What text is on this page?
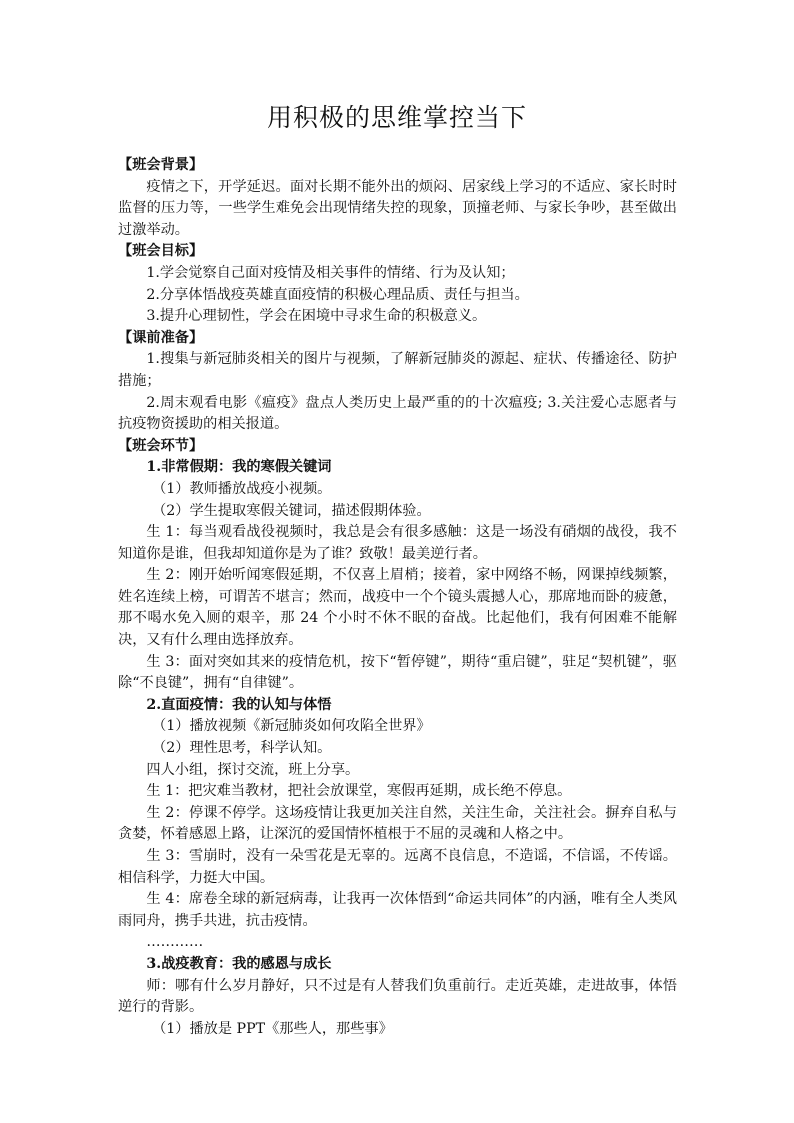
用积极的思维掌控当下

【班会背景】

疫情之下，开学延迟。面对长期不能外出的烦闷、居家线上学习的不适应、家长时时监督的压力等，一些学生难免会出现情绪失控的现象，顶撞老师、与家长争吵，甚至做出过激举动。

【班会目标】

1.学会觉察自己面对疫情及相关事件的情绪、行为及认知；

2.分享体悟战疫英雄直面疫情的积极心理品质、责任与担当。

3.提升心理韧性，学会在困境中寻求生命的积极意义。

【课前准备】

1.搜集与新冠肺炎相关的图片与视频，了解新冠肺炎的源起、症状、传播途径、防护措施；

2.周末观看电影《瘟疫》盘点人类历史上最严重的的十次瘟疫; 3.关注爱心志愿者与抗疫物资援助的相关报道。

【班会环节】

1.非常假期：我的寒假关键词

（1）教师播放战疫小视频。

（2）学生提取寒假关键词，描述假期体验。

生 1：每当观看战役视频时，我总是会有很多感触：这是一场没有硝烟的战役，我不知道你是谁，但我却知道你是为了谁？致敬！最美逆行者。

生 2：刚开始听闻寒假延期，不仅喜上眉梢；接着，家中网络不畅，网课掉线频繁，姓名连续上榜，可谓苦不堪言；然而，战疫中一个个镜头震撼人心，那席地而卧的疲惫，那不喝水免入厕的艰辛，那 24 个小时不休不眠的奋战。比起他们，我有何困难不能解决，又有什么理由选择放弃。

生 3：面对突如其来的疫情危机，按下“暂停键”，期待“重启键”，驻足“契机键”，驱除“不良键”，拥有“自律键”。

2.直面疫情：我的认知与体悟

（1）播放视频《新冠肺炎如何攻陷全世界》

（2）理性思考，科学认知。

四人小组，探讨交流，班上分享。

生 1：把灾难当教材，把社会放课堂，寒假再延期，成长绝不停息。

生 2：停课不停学。这场疫情让我更加关注自然，关注生命，关注社会。摒弃自私与贪婪，怀着感恩上路，让深沉的爱国情怀植根于不屈的灵魂和人格之中。

生 3：雪崩时，没有一朵雪花是无辜的。远离不良信息，不造谣，不信谣，不传谣。相信科学，力挺大中国。

生 4：席卷全球的新冠病毒，让我再一次体悟到“命运共同体”的内涵，唯有全人类风雨同舟，携手共进，抗击疫情。

…………

3.战疫教育：我的感恩与成长

师：哪有什么岁月静好，只不过是有人替我们负重前行。走近英雄，走进故事，体悟逆行的背影。

（1）播放是 PPT《那些人，那些事》
